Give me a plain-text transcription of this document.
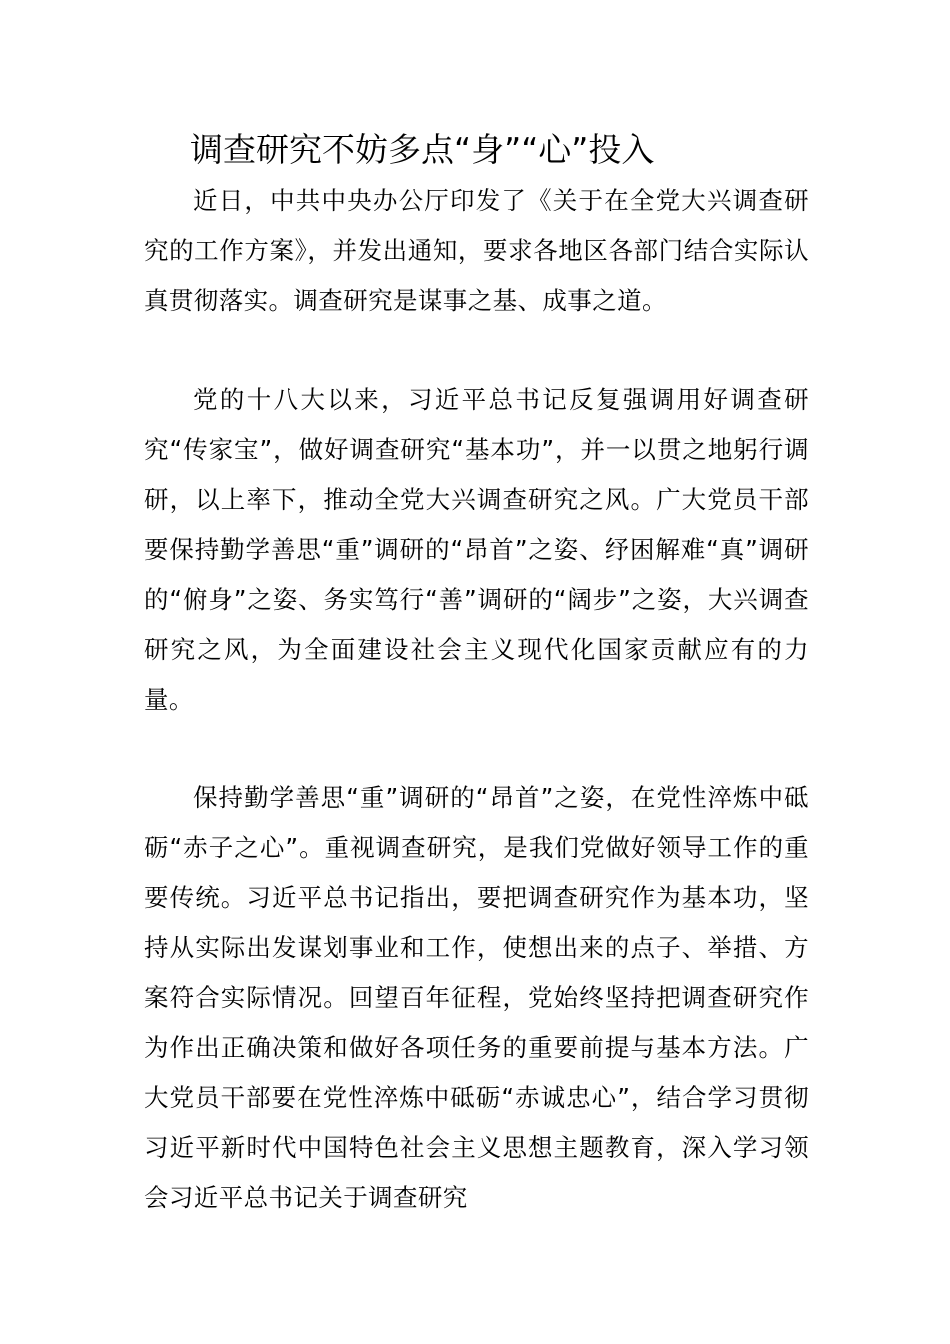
调查研究不妨多点“身”“心”投入

近日，中共中央办公厅印发了《关于在全党大兴调查研究的工作方案》，并发出通知，要求各地区各部门结合实际认真贯彻落实。调查研究是谋事之基、成事之道。

党的十八大以来，习近平总书记反复强调用好调查研究“传家宝”，做好调查研究“基本功”，并一以贯之地躬行调研，以上率下，推动全党大兴调查研究之风。广大党员干部要保持勤学善思“重”调研的“昂首”之姿、纾困解难“真”调研的“俯身”之姿、务实笃行“善”调研的“阔步”之姿，大兴调查研究之风，为全面建设社会主义现代化国家贡献应有的力量。

保持勤学善思“重”调研的“昂首”之姿，在党性淬炼中砥砺“赤子之心”。重视调查研究，是我们党做好领导工作的重要传统。习近平总书记指出，要把调查研究作为基本功，坚持从实际出发谋划事业和工作，使想出来的点子、举措、方案符合实际情况。回望百年征程，党始终坚持把调查研究作为作出正确决策和做好各项任务的重要前提与基本方法。广大党员干部要在党性淬炼中砥砺“赤诚忠心”，结合学习贯彻习近平新时代中国特色社会主义思想主题教育，深入学习领会习近平总书记关于调查研究
